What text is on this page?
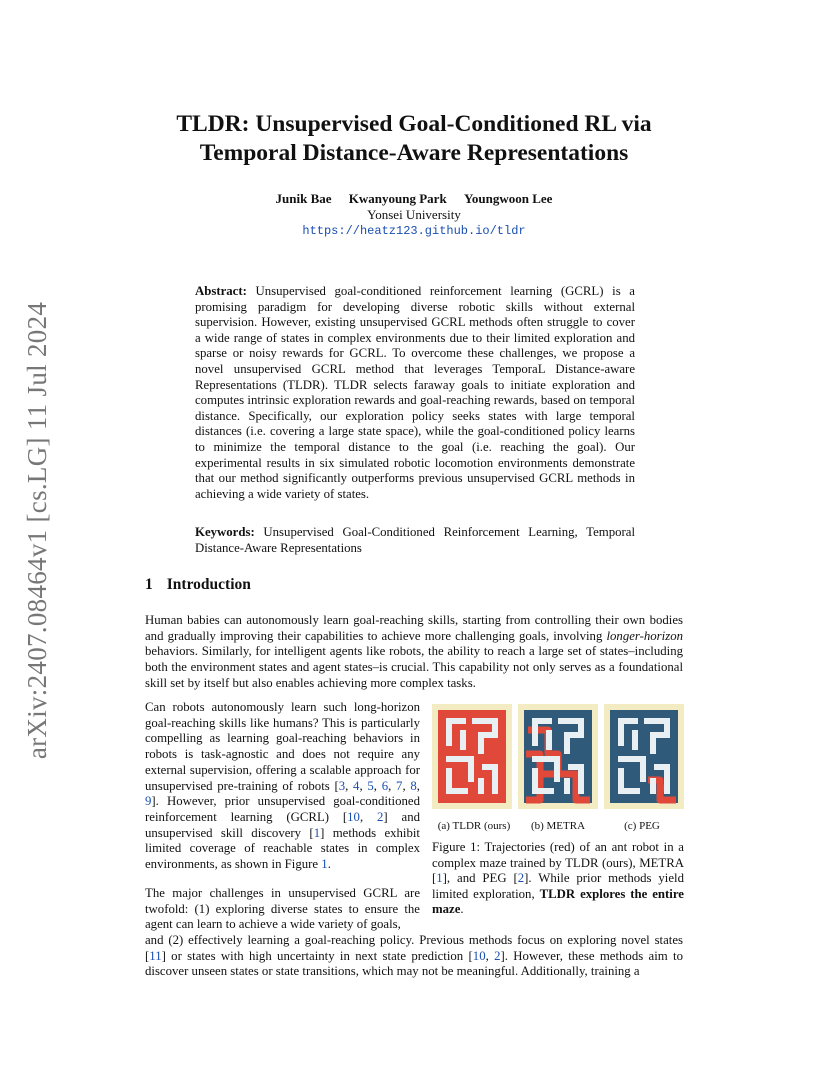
arXiv:2407.08464v1 [cs.LG] 11 Jul 2024
TLDR: Unsupervised Goal-Conditioned RL via
Temporal Distance-Aware Representations
Junik Bae Kwanyoung Park Youngwoon Lee
Yonsei University
https://heatz123.github.io/tldr
Abstract: Unsupervised goal-conditioned reinforcement learning (GCRL) is a promising paradigm for developing diverse robotic skills without external supervision. However, existing unsupervised GCRL methods often struggle to cover a wide range of states in complex environments due to their limited exploration and sparse or noisy rewards for GCRL. To overcome these challenges, we propose a novel unsupervised GCRL method that leverages TemporaL Distance-aware Representations (TLDR). TLDR selects faraway goals to initiate exploration and computes intrinsic exploration rewards and goal-reaching rewards, based on temporal distance. Specifically, our exploration policy seeks states with large temporal distances (i.e. covering a large state space), while the goal-conditioned policy learns to minimize the temporal distance to the goal (i.e. reaching the goal). Our experimental results in six simulated robotic locomotion environments demonstrate that our method significantly outperforms previous unsupervised GCRL methods in achieving a wide variety of states.
Keywords: Unsupervised Goal-Conditioned Reinforcement Learning, Temporal Distance-Aware Representations
1 Introduction

Human babies can autonomously learn goal-reaching skills, starting from controlling their own bodies and gradually improving their capabilities to achieve more challenging goals, involving longer-horizon behaviors. Similarly, for intelligent agents like robots, the ability to reach a large set of states–including both the environment states and agent states–is crucial. This capability not only serves as a foundational skill set by itself but also enables achieving more complex tasks.

Can robots autonomously learn such long-horizon goal-reaching skills like humans? This is particularly compelling as learning goal-reaching behaviors in robots is task-agnostic and does not require any external supervision, offering a scalable approach for unsupervised pre-training of robots [3, 4, 5, 6, 7, 8, 9]. However, prior unsupervised goal-conditioned reinforcement learning (GCRL) [10, 2] and unsupervised skill discovery [1] methods exhibit limited coverage of reachable states in complex environments, as shown in Figure 1.

The major challenges in unsupervised GCRL are twofold: (1) exploring diverse states to ensure the agent can learn to achieve a wide variety of goals,

and (2) effectively learning a goal-reaching policy. Previous methods focus on exploring novel states [11] or states with high uncertainty in next state prediction [10, 2]. However, these methods aim to discover unseen states or state transitions, which may not be meaningful. Additionally, training a

(a) TLDR (ours)	(b) METRA	(c) PEG
Figure 1: Trajectories (red) of an ant robot in a complex maze trained by TLDR (ours), METRA [1], and PEG [2]. While prior methods yield limited exploration, TLDR explores the entire maze.
